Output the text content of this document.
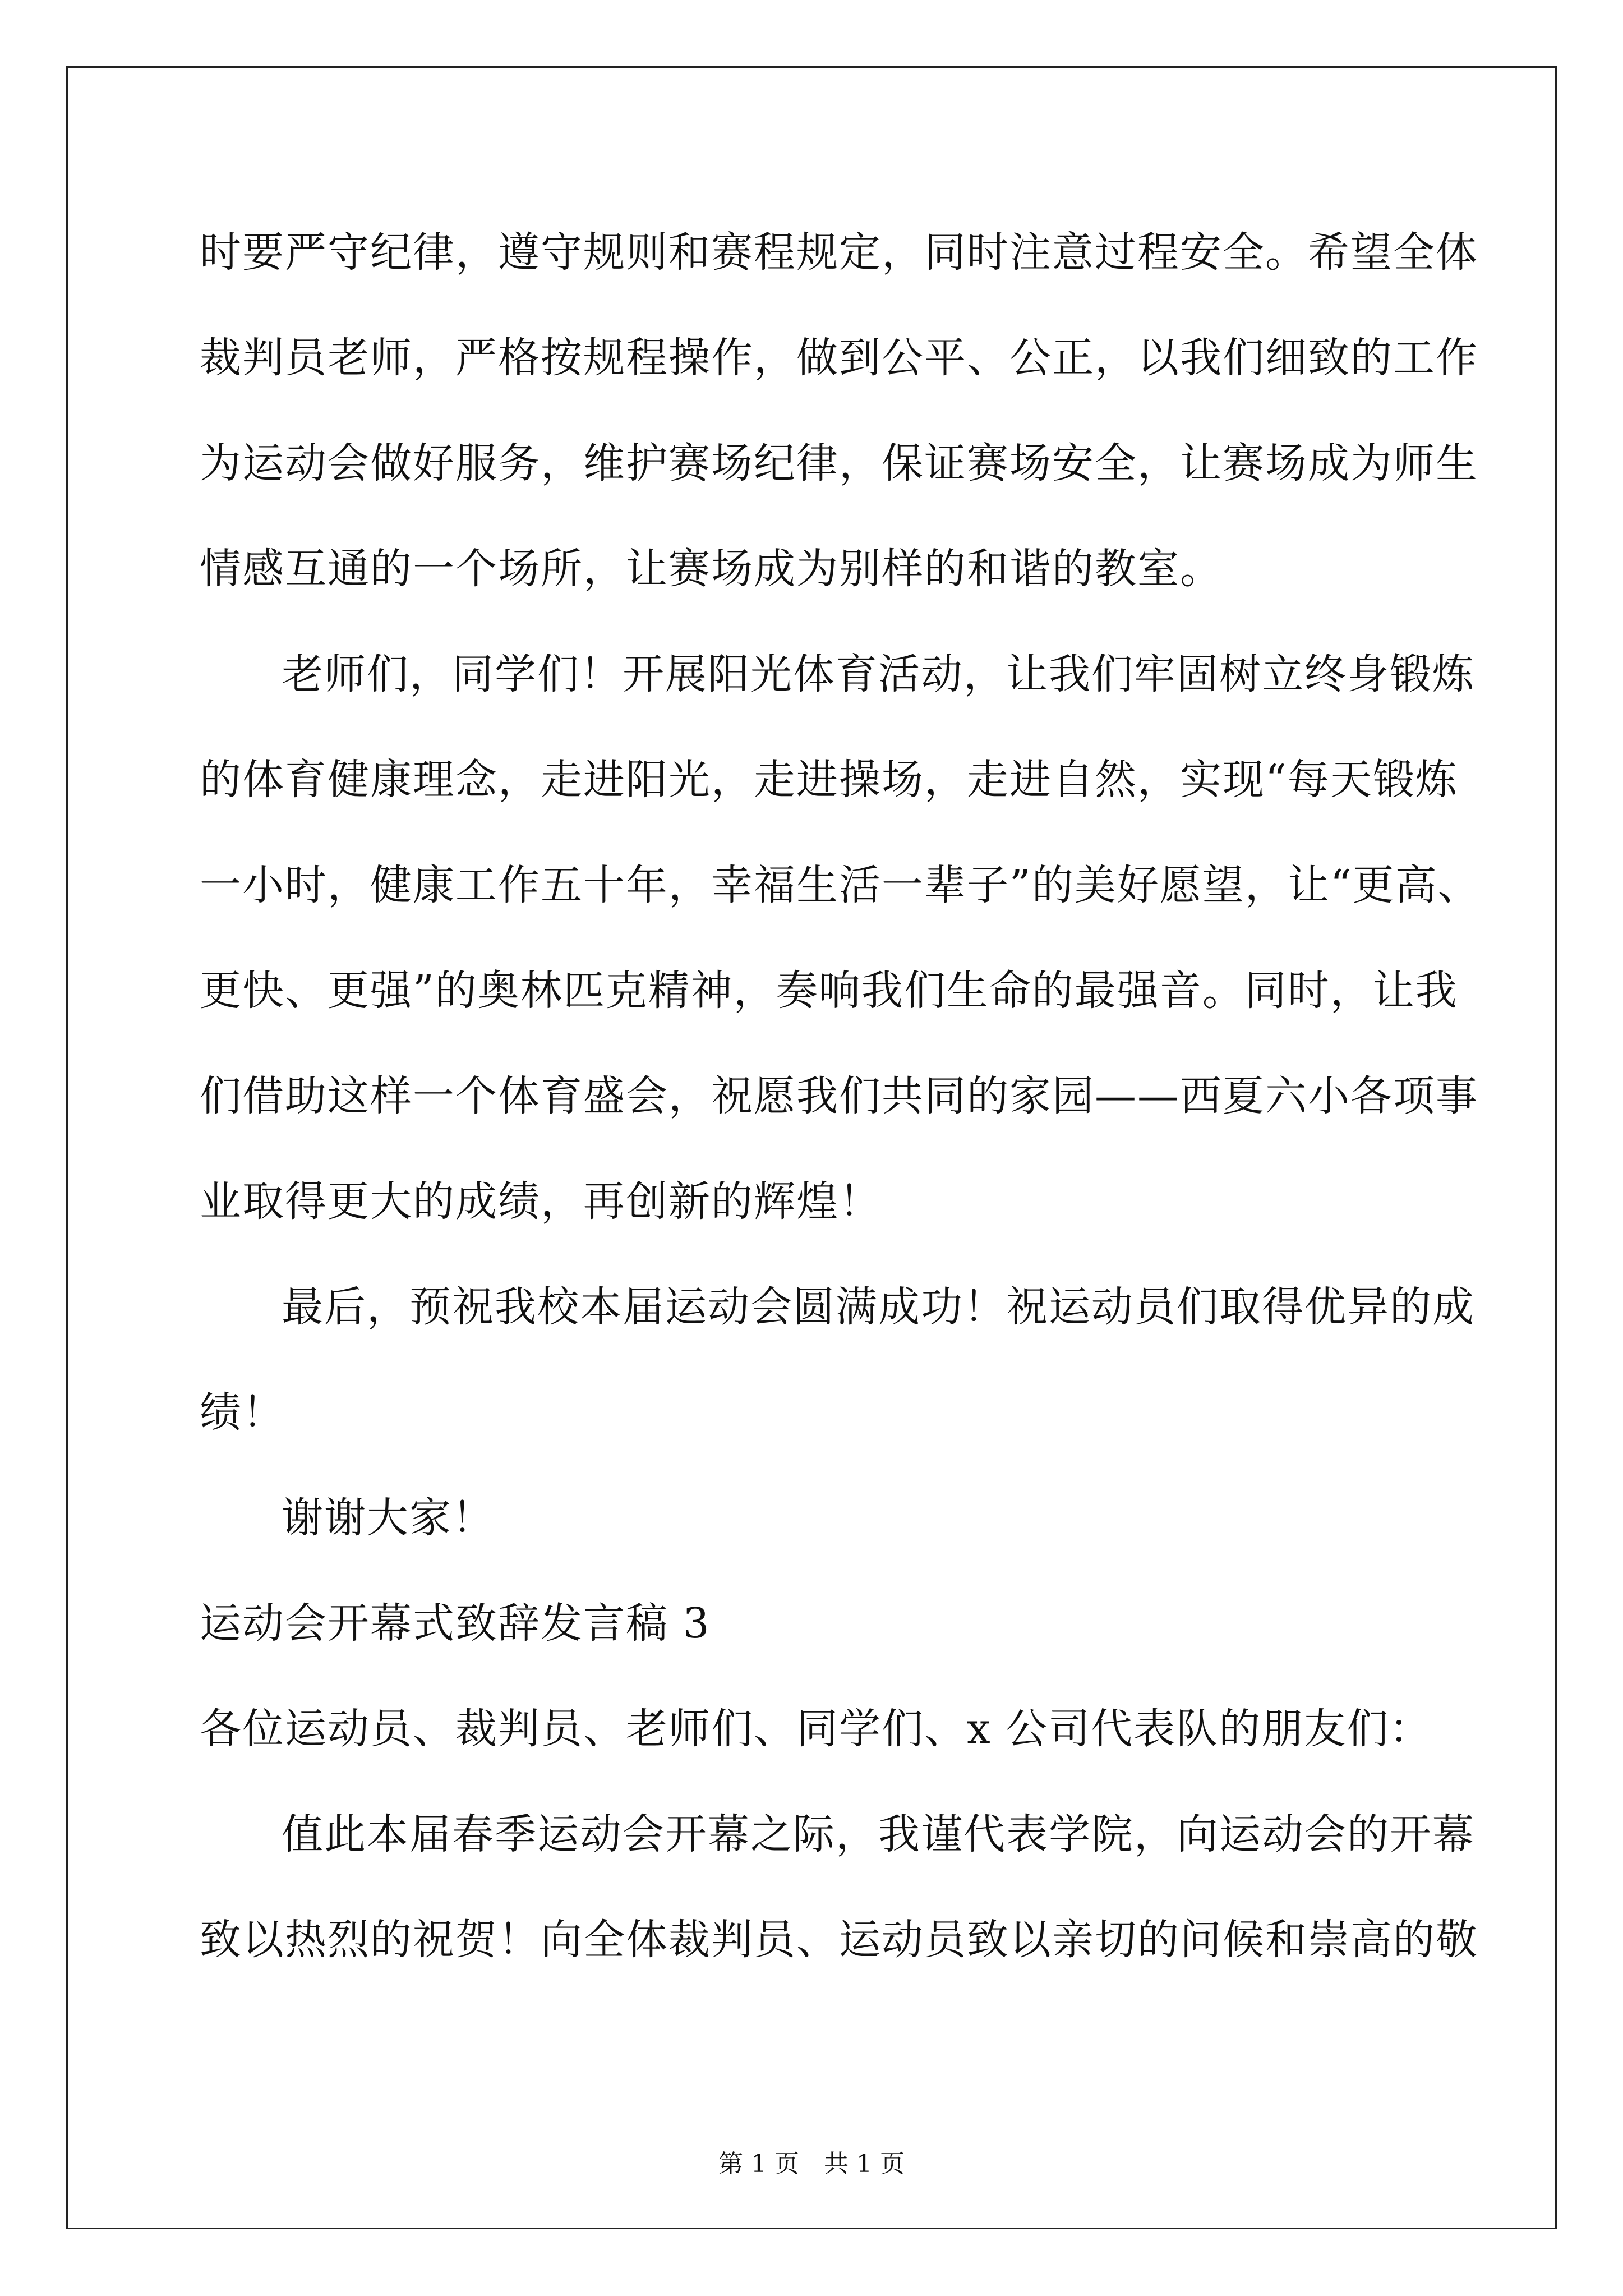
时要严守纪律，遵守规则和赛程规定，同时注意过程安全。希望全体
裁判员老师，严格按规程操作，做到公平、公正，以我们细致的工作
为运动会做好服务，维护赛场纪律，保证赛场安全，让赛场成为师生
情感互通的一个场所，让赛场成为别样的和谐的教室。
老师们，同学们！开展阳光体育活动，让我们牢固树立终身锻炼
的体育健康理念，走进阳光，走进操场，走进自然，实现“每天锻炼
一小时，健康工作五十年，幸福生活一辈子”的美好愿望，让“更高、
更快、更强”的奥林匹克精神，奏响我们生命的最强音。同时，让我
们借助这样一个体育盛会，祝愿我们共同的家园——西夏六小各项事
业取得更大的成绩，再创新的辉煌！
最后，预祝我校本届运动会圆满成功！祝运动员们取得优异的成
绩！
谢谢大家！
运动会开幕式致辞发言稿 3
各位运动员、裁判员、老师们、同学们、x 公司代表队的朋友们：
值此本届春季运动会开幕之际，我谨代表学院，向运动会的开幕
致以热烈的祝贺！向全体裁判员、运动员致以亲切的问候和崇高的敬
第 1 页　共 1 页
